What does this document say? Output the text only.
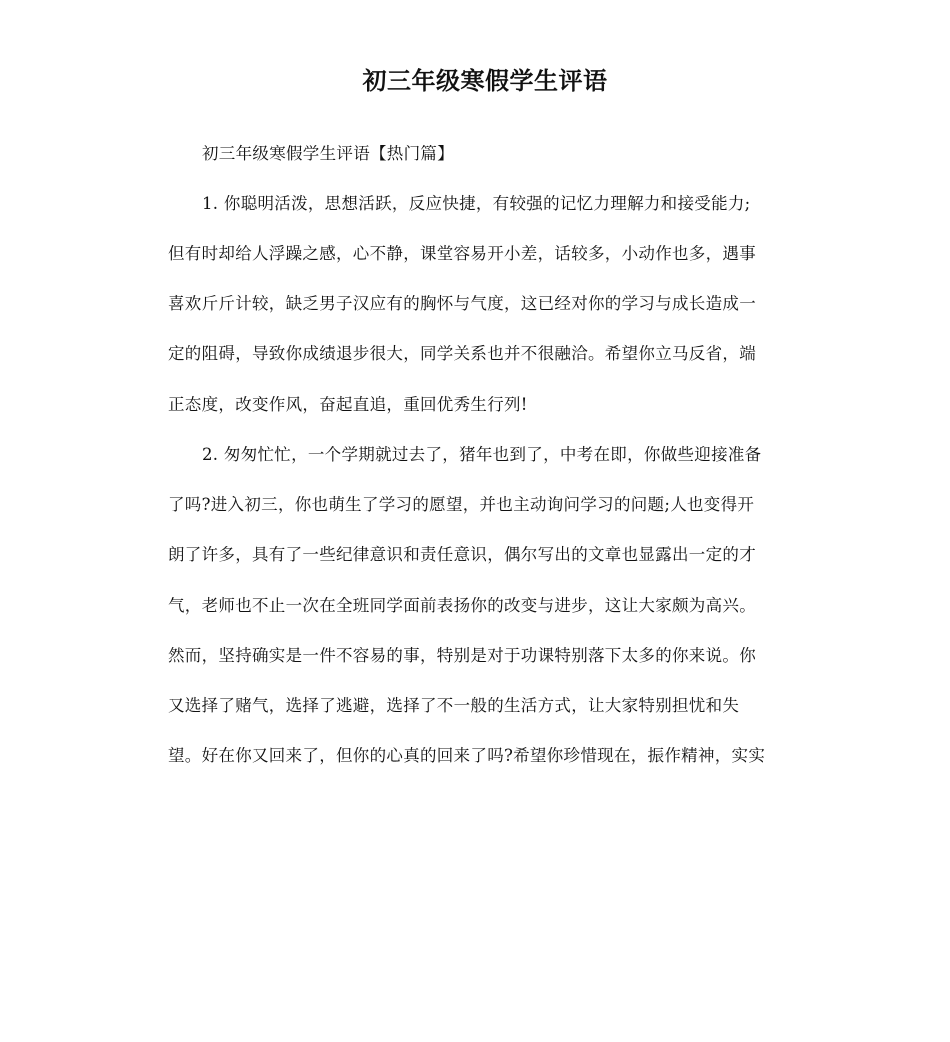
初三年级寒假学生评语
初三年级寒假学生评语【热门篇】
1. 你聪明活泼，思想活跃，反应快捷，有较强的记忆力理解力和接受能力;
但有时却给人浮躁之感，心不静，课堂容易开小差，话较多，小动作也多，遇事
喜欢斤斤计较，缺乏男子汉应有的胸怀与气度，这已经对你的学习与成长造成一
定的阻碍，导致你成绩退步很大，同学关系也并不很融洽。希望你立马反省，端
正态度，改变作风，奋起直追，重回优秀生行列!
2. 匆匆忙忙，一个学期就过去了，猪年也到了，中考在即，你做些迎接准备
了吗?进入初三，你也萌生了学习的愿望，并也主动询问学习的问题;人也变得开
朗了许多，具有了一些纪律意识和责任意识，偶尔写出的文章也显露出一定的才
气，老师也不止一次在全班同学面前表扬你的改变与进步，这让大家颇为高兴。
然而，坚持确实是一件不容易的事，特别是对于功课特别落下太多的你来说。你
又选择了赌气，选择了逃避，选择了不一般的生活方式，让大家特别担忧和失
望。好在你又回来了，但你的心真的回来了吗?希望你珍惜现在，振作精神，实实
